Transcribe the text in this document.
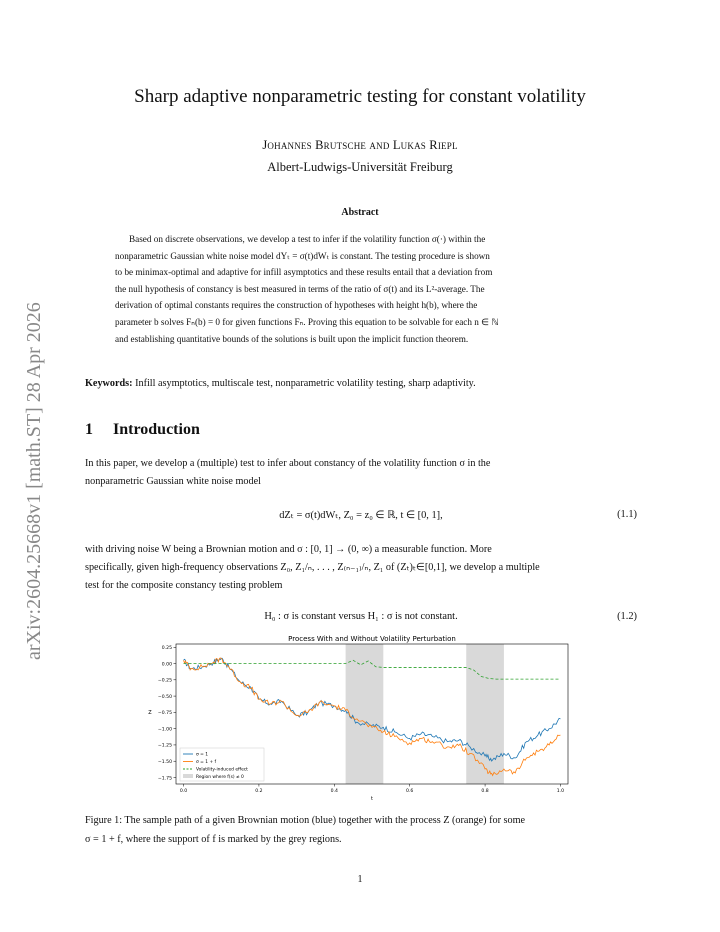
arXiv:2604.25668v1 [math.ST] 28 Apr 2026
Sharp adaptive nonparametric testing for constant volatility
Johannes Brutsche and Lukas Riepl
Albert-Ludwigs-Universität Freiburg
Abstract
Based on discrete observations, we develop a test to infer if the volatility function σ(·) within the
nonparametric Gaussian white noise model dYₜ = σ(t)dWₜ is constant. The testing procedure is shown
to be minimax-optimal and adaptive for infill asymptotics and these results entail that a deviation from
the null hypothesis of constancy is best measured in terms of the ratio of σ(t) and its L²-average. The
derivation of optimal constants requires the construction of hypotheses with height h(b), where the
parameter b solves Fₙ(b) = 0 for given functions Fₙ. Proving this equation to be solvable for each n ∈ ℕ
and establishing quantitative bounds of the solutions is built upon the implicit function theorem.
Keywords: Infill asymptotics, multiscale test, nonparametric volatility testing, sharp adaptivity.
1 Introduction
In this paper, we develop a (multiple) test to infer about constancy of the volatility function σ in the
nonparametric Gaussian white noise model
dZₜ = σ(t)dWₜ, Z₀ = z₀ ∈ ℝ, t ∈ [0, 1],	(1.1)
with driving noise W being a Brownian motion and σ : [0, 1] → (0, ∞) a measurable function. More
specifically, given high-frequency observations Z₀, Z₁/ₙ, . . . , Z₍ₙ₋₁₎/ₙ, Z₁ of (Zₜ)ₜ∈[0,1], we develop a multiple
test for the composite constancy testing problem
H₀ : σ is constant versus H₁ : σ is not constant.	(1.2)
Process With and Without Volatility Perturbation
0.25
0.00
−0.25
−0.50
−0.75
−1.00
−1.25
−1.50
−1.75
0.0	0.2	0.4	0.6	0.8	1.0
t
Z
σ = 1
σ = 1 + f
Volatility-induced effect
Region where f(s) ≠ 0
Figure 1: The sample path of a given Brownian motion (blue) together with the process Z (orange) for some
σ = 1 + f, where the support of f is marked by the grey regions.
1
